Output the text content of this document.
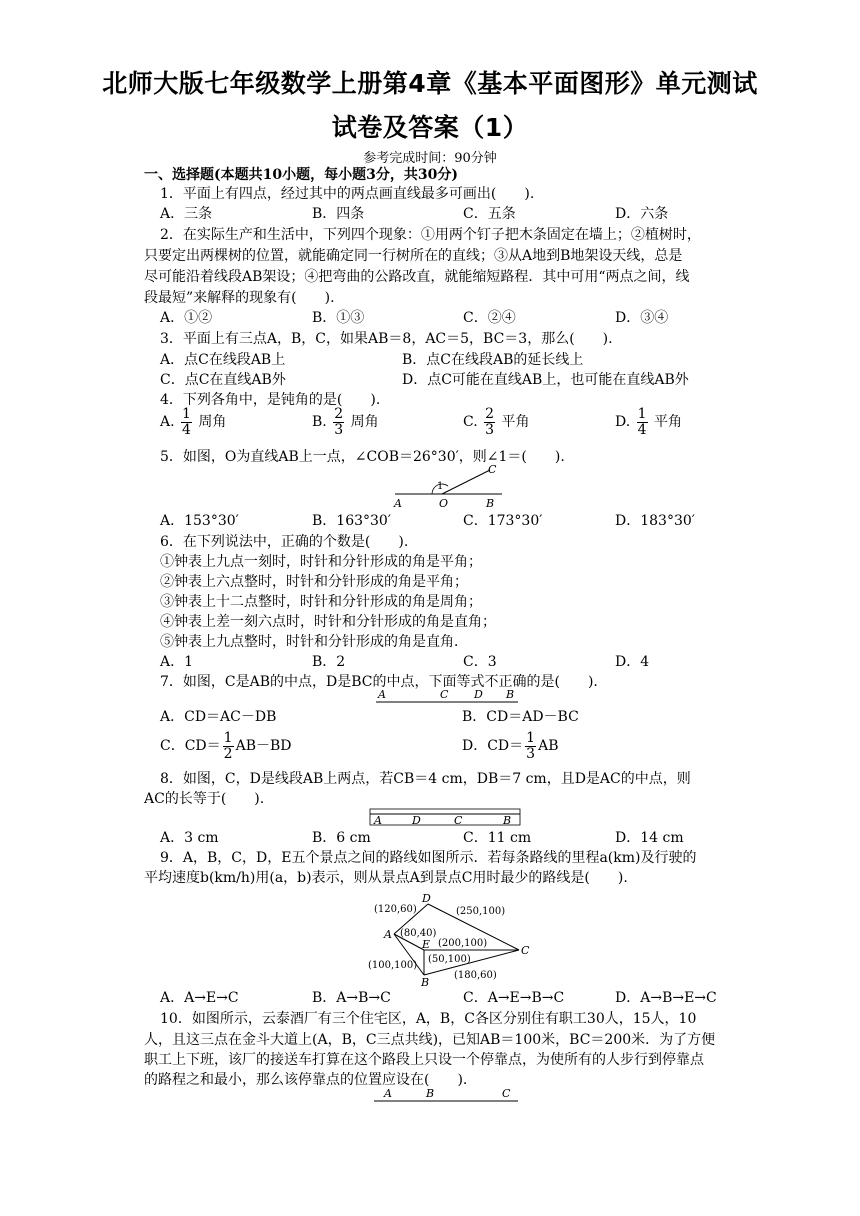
北师大版七年级数学上册第4章《基本平面图形》单元测试
试卷及答案（1）
参考完成时间：90分钟
一、选择题(本题共10小题，每小题3分，共30分)
1．平面上有四点，经过其中的两点画直线最多可画出(　　).
A．三条	B．四条	C．五条	D．六条
2．在实际生产和生活中，下列四个现象：①用两个钉子把木条固定在墙上；②植树时，
只要定出两棵树的位置，就能确定同一行树所在的直线；③从A地到B地架设天线，总是
尽可能沿着线段AB架设；④把弯曲的公路改直，就能缩短路程．其中可用“两点之间，线
段最短”来解释的现象有(　　).
A．①②	B．①③	C．②④	D．③④
3．平面上有三点A，B，C，如果AB＝8，AC＝5，BC＝3，那么(　　).
A．点C在线段AB上	B．点C在线段AB的延长线上
C．点C在直线AB外	D．点C可能在直线AB上，也可能在直线AB外
4．下列各角中，是钝角的是(　　).
A. $\frac{1}{4}$ 周角	B. $\frac{2}{3}$ 周角	C. $\frac{2}{3}$ 平角	D. $\frac{1}{4}$ 平角
5．如图，O为直线AB上一点，∠COB＝26°30′，则∠1＝(　　).
A	O	B
C
1
A．153°30′	B．163°30′	C．173°30′	D．183°30′
6．在下列说法中，正确的个数是(　　).
①钟表上九点一刻时，时针和分针形成的角是平角；
②钟表上六点整时，时针和分针形成的角是平角；
③钟表上十二点整时，时针和分针形成的角是周角；
④钟表上差一刻六点时，时针和分针形成的角是直角；
⑤钟表上九点整时，时针和分针形成的角是直角．
A．1	B．2	C．3	D．4
7．如图，C是AB的中点，D是BC的中点，下面等式不正确的是(　　).
A	C D B
A．CD＝AC－DB	B．CD＝AD－BC
C．$CD= \frac{1}{2} AB-BD$	D．$CD= \frac{1}{3}$ AB
8．如图，C，D是线段AB上两点，若CB＝4 cm，DB＝7 cm，且D是AC的中点，则
AC的长等于(　　).
A	D	C	B
A．3 cm	B．6 cm	C．11 cm	D．14 cm
9．A，B，C，D，E五个景点之间的路线如图所示．若每条路线的里程a(km)及行驶的
平均速度b(km/h)用(a，b)表示，则从景点A到景点C用时最少的路线是(　　).
A
D
E	C
B
(120,60)	(250,100)
(80,40)
(200,100)
(50,100)
(100,100)
(180,60)
A．A→E→C	B．A→B→C	C．A→E→B→C	D．A→B→E→C
10．如图所示，云泰酒厂有三个住宅区，A，B，C各区分别住有职工30人，15人，10
人，且这三点在金斗大道上(A，B，C三点共线)，已知AB＝100米，BC＝200米．为了方便
职工上下班，该厂的接送车打算在这个路段上只设一个停靠点，为使所有的人步行到停靠点
的路程之和最小，那么该停靠点的位置应设在(　　).
A	B	C
